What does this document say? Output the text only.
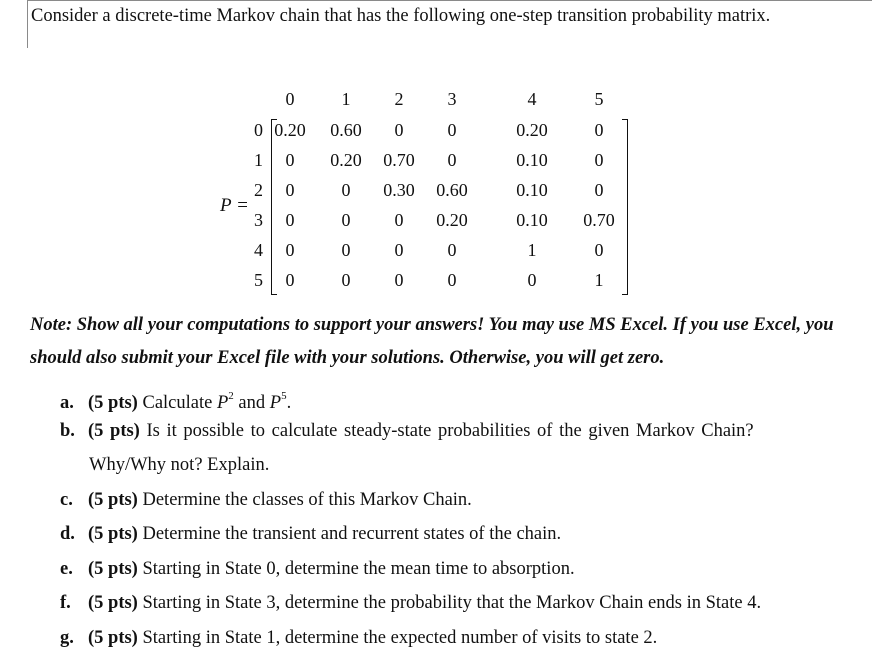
Consider a discrete-time Markov chain that has the following one-step transition probability matrix.
P =
0	1 2 3	4	5
0 0.20 0.60 0 0	0.20	0
1 0 0.20 0.70 0	0.10	0
2 0	0 0.30 0.60	0.10	0
3 0	0 0 0.20	0.10 0.70
4 0	0 0 0	1	0
5 0	0 0 0	0	1
Note: Show all your computations to support your answers! You may use MS Excel. If you use Excel, you should also submit your Excel file with your solutions. Otherwise, you will get zero.
a. (5 pts) Calculate $P^2$ and $P^5$.
b. (5 pts) Is it possible to calculate steady-state probabilities of the given Markov Chain?
Why/Why not? Explain.
c. (5 pts) Determine the classes of this Markov Chain.
d. (5 pts) Determine the transient and recurrent states of the chain.
e. (5 pts) Starting in State 0, determine the mean time to absorption.
f. (5 pts) Starting in State 3, determine the probability that the Markov Chain ends in State 4.
g. (5 pts) Starting in State 1, determine the expected number of visits to state 2.
